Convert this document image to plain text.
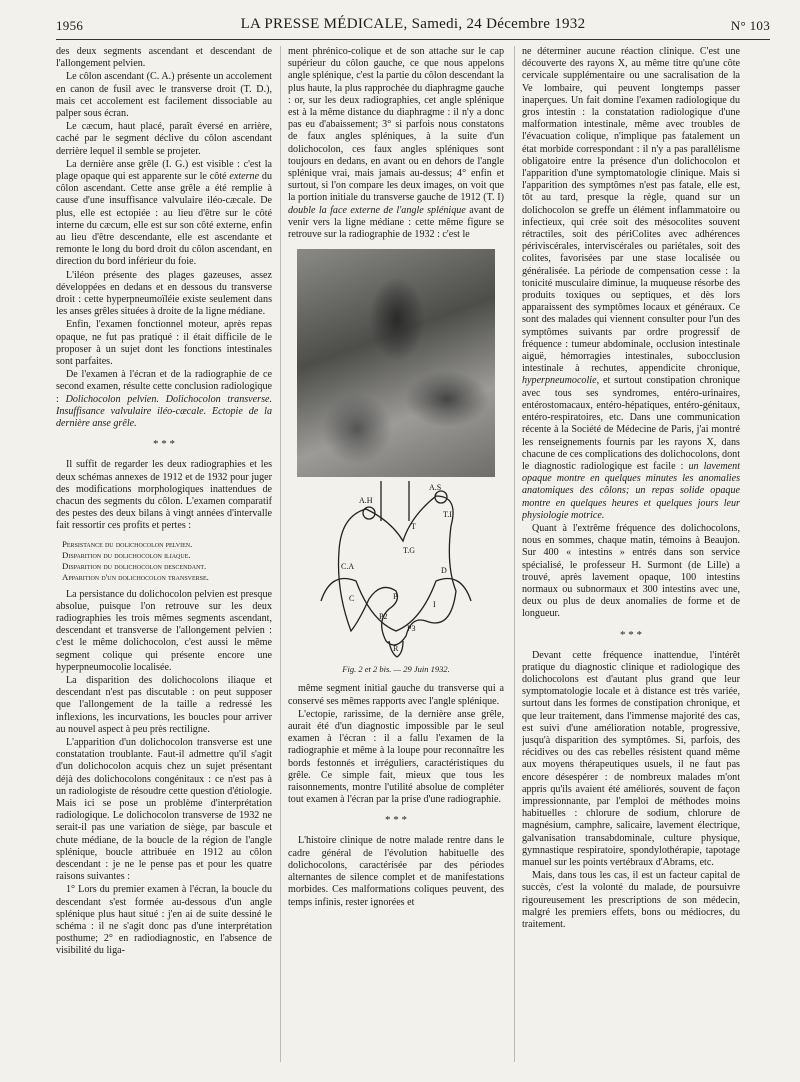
1956	LA PRESSE MÉDICALE, Samedi, 24 Décembre 1932	N° 103

des deux segments ascendant et descendant de l'allongement pelvien.

Le côlon ascendant (C. A.) présente un accolement en canon de fusil avec le transverse droit (T. D.), mais cet accolement est facilement dissociable au palper sous écran.

Le cæcum, haut placé, paraît éversé en arrière, caché par le segment déclive du côlon ascendant derrière lequel il semble se projeter.

La dernière anse grêle (I. G.) est visible : c'est la plage opaque qui est apparente sur le côté externe du côlon ascendant. Cette anse grêle a été remplie à cause d'une insuffisance valvulaire iléo-cæcale. De plus, elle est ectopiée : au lieu d'être sur le côté interne du cæcum, elle est sur son côté externe, enfin au lieu d'être descendante, elle est ascendante et remonte le long du bord droit du côlon ascendant, en direction du bord inférieur du foie.

L'iléon présente des plages gazeuses, assez développées en dedans et en dessous du transverse droit : cette hyperpneumoïléie existe seulement dans les anses grêles situées à droite de la ligne médiane.

Enfin, l'examen fonctionnel moteur, après repas opaque, ne fut pas pratiqué : il était difficile de le proposer à un sujet dont les fonctions intestinales sont parfaites.

De l'examen à l'écran et de la radiographie de ce second examen, résulte cette conclusion radiologique : Dolichocolon pelvien. Dolichocolon transverse. Insuffisance valvulaire iléo-cæcale. Ectopie de la dernière anse grêle.

* * *

Il suffit de regarder les deux radiographies et les deux schémas annexes de 1912 et de 1932 pour juger des modifications morphologiques inattendues de chacun des segments du côlon. L'examen comparatif des pestes des deux bilans à vingt années d'intervalle fait ressortir ces profits et pertes :

Persistance du dolichocolon pelvien.
Disparition du dolichocolon iliaque.
Disparition du dolichocolon descendant.
Apparition d'un dolichocolon transverse.

La persistance du dolichocolon pelvien est presque absolue, puisque l'on retrouve sur les deux radiographies les trois mêmes segments ascendant, descendant et transverse de l'allongement pelvien : c'est le même dolichocolon, c'est aussi le même segment colique qui présente encore une hyperpneumocolie localisée.

La disparition des dolichocolons iliaque et descendant n'est pas discutable : on peut supposer que l'allongement de la taille a redressé les inflexions, les incurvations, les boucles pour arriver au nouvel aspect à peu près rectiligne.

L'apparition d'un dolichocolon transverse est une constatation troublante. Faut-il admettre qu'il s'agit d'un dolichocolon acquis chez un sujet présentant déjà des dolichocolons congénitaux : ce n'est pas à un radiologiste de résoudre cette question d'étiologie. Mais ici se pose un problème d'interprétation radiologique. Le dolichocolon transverse de 1932 ne serait-il pas une variation de siège, par bascule et chute médiane, de la boucle de la région de l'angle splénique, boucle attribuée en 1912 au côlon descendant : je ne le pense pas et pour les quatre raisons suivantes :

1° Lors du premier examen à l'écran, la boucle du descendant s'est formée au-dessous d'un angle splénique plus haut situé : j'en ai de suite dessiné le schéma : il ne s'agit donc pas d'une interprétation posthume; 2° en radiodiagnostic, en l'absence de visibilité du liga-

ment phrénico-colique et de son attache sur le cap supérieur du côlon gauche, ce que nous appelons angle splénique, c'est la partie du côlon descendant la plus haute, la plus rapprochée du diaphragme gauche : or, sur les deux radiographies, cet angle splénique est à la même distance du diaphragme : il n'y a donc pas eu d'abaissement; 3° si parfois nous constatons de faux angles spléniques, à la suite d'un dolichocolon, ces faux angles spléniques sont toujours en dedans, en avant ou en dehors de l'angle splénique vrai, mais jamais au-dessus; 4° enfin et surtout, si l'on compare les deux images, on voit que la portion initiale du transverse gauche de 1912 (T. I) double la face externe de l'angle splénique avant de venir vers la ligne médiane : cette même figure se retrouve sur la radiographie de 1932 : c'est le

A.S
A.H
T.I
T
T.G
C.A	D
C
I
P
P2
P3
R

Fig. 2 et 2 bis. — 29 Juin 1932.

même segment initial gauche du transverse qui a conservé ses mêmes rapports avec l'angle splénique.

L'ectopie, rarissime, de la dernière anse grêle, aurait été d'un diagnostic impossible par le seul examen à l'écran : il a fallu l'examen de la radiographie et même à la loupe pour reconnaître les bords festonnés et irréguliers, caractéristiques du grêle. Ce simple fait, mieux que tous les raisonnements, montre l'utilité absolue de compléter tout examen à l'écran par la prise d'une radiographie.

* * *

L'histoire clinique de notre malade rentre dans le cadre général de l'évolution habituelle des dolichocolons, caractérisée par des périodes alternantes de silence complet et de manifestations morbides. Ces malformations coliques peuvent, des temps infinis, rester ignorées et

ne déterminer aucune réaction clinique. C'est une découverte des rayons X, au même titre qu'une côte cervicale supplémentaire ou une sacralisation de la Ve lombaire, qui peuvent longtemps passer inaperçues. Un fait domine l'examen radiologique du gros intestin : la constatation radiologique d'une malformation intestinale, même avec troubles de l'évacuation colique, n'implique pas fatalement un état morbide correspondant : il n'y a pas parallélisme obligatoire entre la présence d'un dolichocolon et l'apparition d'une symptomatologie clinique. Mais si l'apparition des symptômes n'est pas fatale, elle est, tôt au tard, presque la règle, quand sur un dolichocolon se greffe un élément inflammatoire ou infectieux, qui crée soit des mésocolites souvent rétractiles, soit des périColites avec adhérences périviscérales, interviscérales ou pariétales, soit des colites, favorisées par une stase localisée ou généralisée. La période de compensation cesse : la tonicité musculaire diminue, la muqueuse résorbe des produits toxiques ou septiques, et dès lors apparaissent des symptômes locaux et généraux. Ce sont des malades qui viennent consulter pour l'un des symptômes suivants par ordre progressif de fréquence : tumeur abdominale, occlusion intestinale aiguë, hémorragies intestinales, subocclusion intestinale à rechutes, appendicite chronique, hyperpneumocolie, et surtout constipation chronique avec tous ses syndromes, entéro-urinaires, entérostomacaux, entéro-hépatiques, entéro-génitaux, entéro-respiratoires, etc. Dans une communication récente à la Société de Médecine de Paris, j'ai montré les renseignements fournis par les rayons X, dans chacune de ces complications des dolichocolons, dont le diagnostic radiologique est facile : un lavement opaque montre en quelques minutes les anomalies anatomiques des côlons; un repas solide opaque montre en quelques heures et quelques jours leur physiologie motrice.

Quant à l'extrême fréquence des dolichocolons, nous en sommes, chaque matin, témoins à Beaujon. Sur 400 « intestins » entrés dans son service spécialisé, le professeur H. Surmont (de Lille) a trouvé, après lavement opaque, 100 intestins normaux ou subnormaux et 300 intestins avec une, deux ou plus de deux anomalies de forme et de longueur.

* * *

Devant cette fréquence inattendue, l'intérêt pratique du diagnostic clinique et radiologique des dolichocolons est d'autant plus grand que leur symptomatologie locale et à distance est très variée, surtout dans les formes de constipation chronique, et que leur traitement, dans l'immense majorité des cas, est suivi d'une amélioration notable, progressive, jusqu'à disparition des symptômes. Si, parfois, des récidives ou des cas rebelles résistent quand même aux moyens thérapeutiques usuels, il ne faut pas encore désespérer : de nombreux malades m'ont appris qu'ils avaient été améliorés, souvent de façon impressionnante, par l'emploi de méthodes moins habituelles : chlorure de sodium, chlorure de magnésium, camphre, salicaire, lavement électrique, galvanisation transabdominale, culture physique, gymnastique respiratoire, spondylothérapie, tapotage manuel sur les points vertébraux d'Abrams, etc.

Mais, dans tous les cas, il est un facteur capital de succès, c'est la volonté du malade, de poursuivre rigoureusement les prescriptions de son médecin, malgré les premiers effets, bons ou médiocres, du traitement.
